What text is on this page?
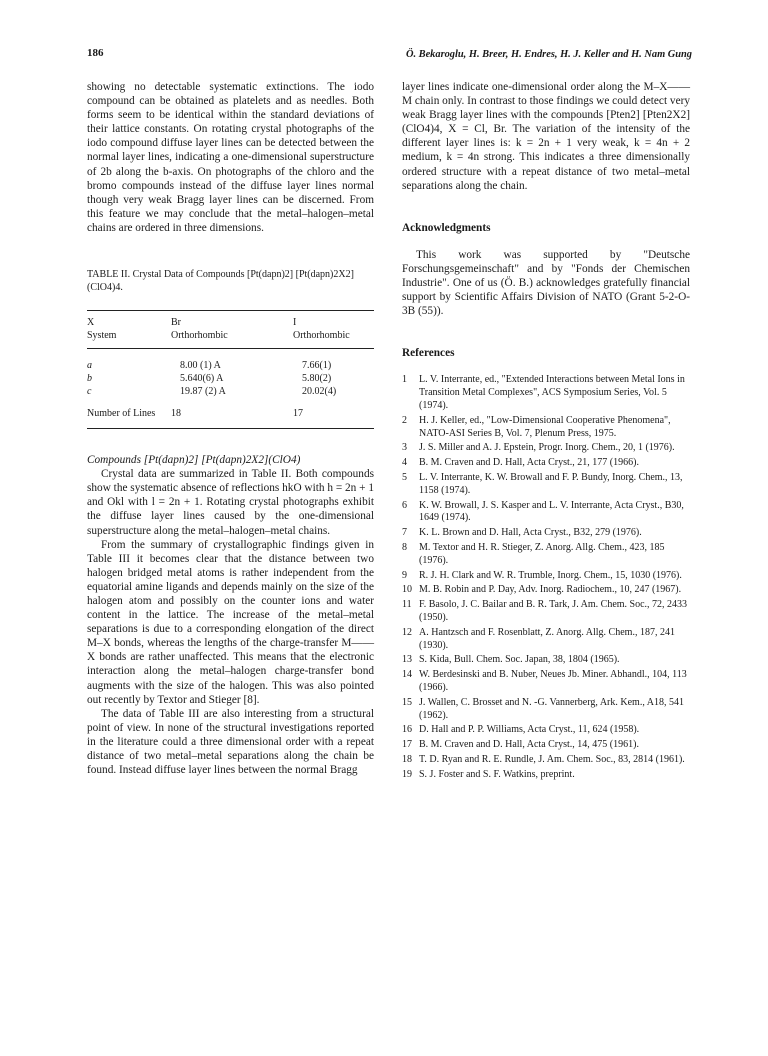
186	Ö. Bekaroglu, H. Breer, H. Endres, H. J. Keller and H. Nam Gung

showing no detectable systematic extinctions. The iodo compound can be obtained as platelets and as needles. Both forms seem to be identical within the standard deviations of their lattice constants. On rotating crystal photographs of the iodo compound diffuse layer lines can be detected between the normal layer lines, indicating a one-dimensional superstructure of 2b along the b-axis. On photographs of the chloro and the bromo compounds instead of the diffuse layer lines normal though very weak Bragg layer lines can be discerned. From this feature we may conclude that the metal–halogen–metal chains are ordered in three dimensions.

TABLE II. Crystal Data of Compounds [Pt(dapn)2] [Pt(dapn)2X2](ClO4)4.
X	Br	I
System	Orthorhombic	Orthorhombic
a	8.00 (1) A	7.66(1)
b	5.640(6) A	5.80(2)
c	19.87 (2) A	20.02(4)
Number of Lines	18	17
Compounds [Pt(dapn)2] [Pt(dapn)2X2](ClO4)

Crystal data are summarized in Table II. Both compounds show the systematic absence of reflections hkO with h = 2n + 1 and Okl with l = 2n + 1. Rotating crystal photographs exhibit the diffuse layer lines caused by the one-dimensional superstructure along the metal–halogen–metal chains.

From the summary of crystallographic findings given in Table III it becomes clear that the distance between two halogen bridged metal atoms is rather independent from the equatorial amine ligands and depends mainly on the size of the halogen atom and possibly on the counter ions and water content in the lattice. The increase of the metal–metal separations is due to a corresponding elongation of the direct M–X bonds, whereas the lengths of the charge-transfer M——X bonds are rather unaffected. This means that the electronic interaction along the metal–halogen charge-transfer bond augments with the size of the halogen. This was also pointed out recently by Textor and Stieger [8].

The data of Table III are also interesting from a structural point of view. In none of the structural investigations reported in the literature could a three dimensional order with a repeat distance of two metal–metal separations along the chain be found. Instead diffuse layer lines between the normal Bragg

layer lines indicate one-dimensional order along the M–X——M chain only. In contrast to those findings we could detect very weak Bragg layer lines with the compounds [Pten2] [Pten2X2](ClO4)4, X = Cl, Br. The variation of the intensity of the different layer lines is: k = 2n + 1 very weak, k = 4n + 2 medium, k = 4n strong. This indicates a three dimensionally ordered structure with a repeat distance of two metal–metal separations along the chain.

Acknowledgments

This work was supported by "Deutsche Forschungsgemeinschaft" and by "Fonds der Chemischen Industrie". One of us (Ö. B.) acknowledges gratefully financial support by Scientific Affairs Division of NATO (Grant 5-2-O-3B (55)).

References
1	L. V. Interrante, ed., "Extended Interactions between Metal Ions in Transition Metal Complexes", ACS Symposium Series, Vol. 5 (1974).
2	H. J. Keller, ed., "Low-Dimensional Cooperative Phenomena", NATO-ASI Series B, Vol. 7, Plenum Press, 1975.
3	J. S. Miller and A. J. Epstein, Progr. Inorg. Chem., 20, 1 (1976).
4	B. M. Craven and D. Hall, Acta Cryst., 21, 177 (1966).
5	L. V. Interrante, K. W. Browall and F. P. Bundy, Inorg. Chem., 13, 1158 (1974).
6	K. W. Browall, J. S. Kasper and L. V. Interrante, Acta Cryst., B30, 1649 (1974).
7	K. L. Brown and D. Hall, Acta Cryst., B32, 279 (1976).
8	M. Textor and H. R. Stieger, Z. Anorg. Allg. Chem., 423, 185 (1976).
9	R. J. H. Clark and W. R. Trumble, Inorg. Chem., 15, 1030 (1976).
10 M. B. Robin and P. Day, Adv. Inorg. Radiochem., 10, 247 (1967).
11 F. Basolo, J. C. Bailar and B. R. Tark, J. Am. Chem. Soc., 72, 2433 (1950).
12 A. Hantzsch and F. Rosenblatt, Z. Anorg. Allg. Chem., 187, 241 (1930).
13 S. Kida, Bull. Chem. Soc. Japan, 38, 1804 (1965).
14 W. Berdesinski and B. Nuber, Neues Jb. Miner. Abhandl., 104, 113 (1966).
15 J. Wallen, C. Brosset and N. -G. Vannerberg, Ark. Kem., A18, 541 (1962).
16 D. Hall and P. P. Williams, Acta Cryst., 11, 624 (1958).
17 B. M. Craven and D. Hall, Acta Cryst., 14, 475 (1961).
18 T. D. Ryan and R. E. Rundle, J. Am. Chem. Soc., 83, 2814 (1961).
19 S. J. Foster and S. F. Watkins, preprint.
